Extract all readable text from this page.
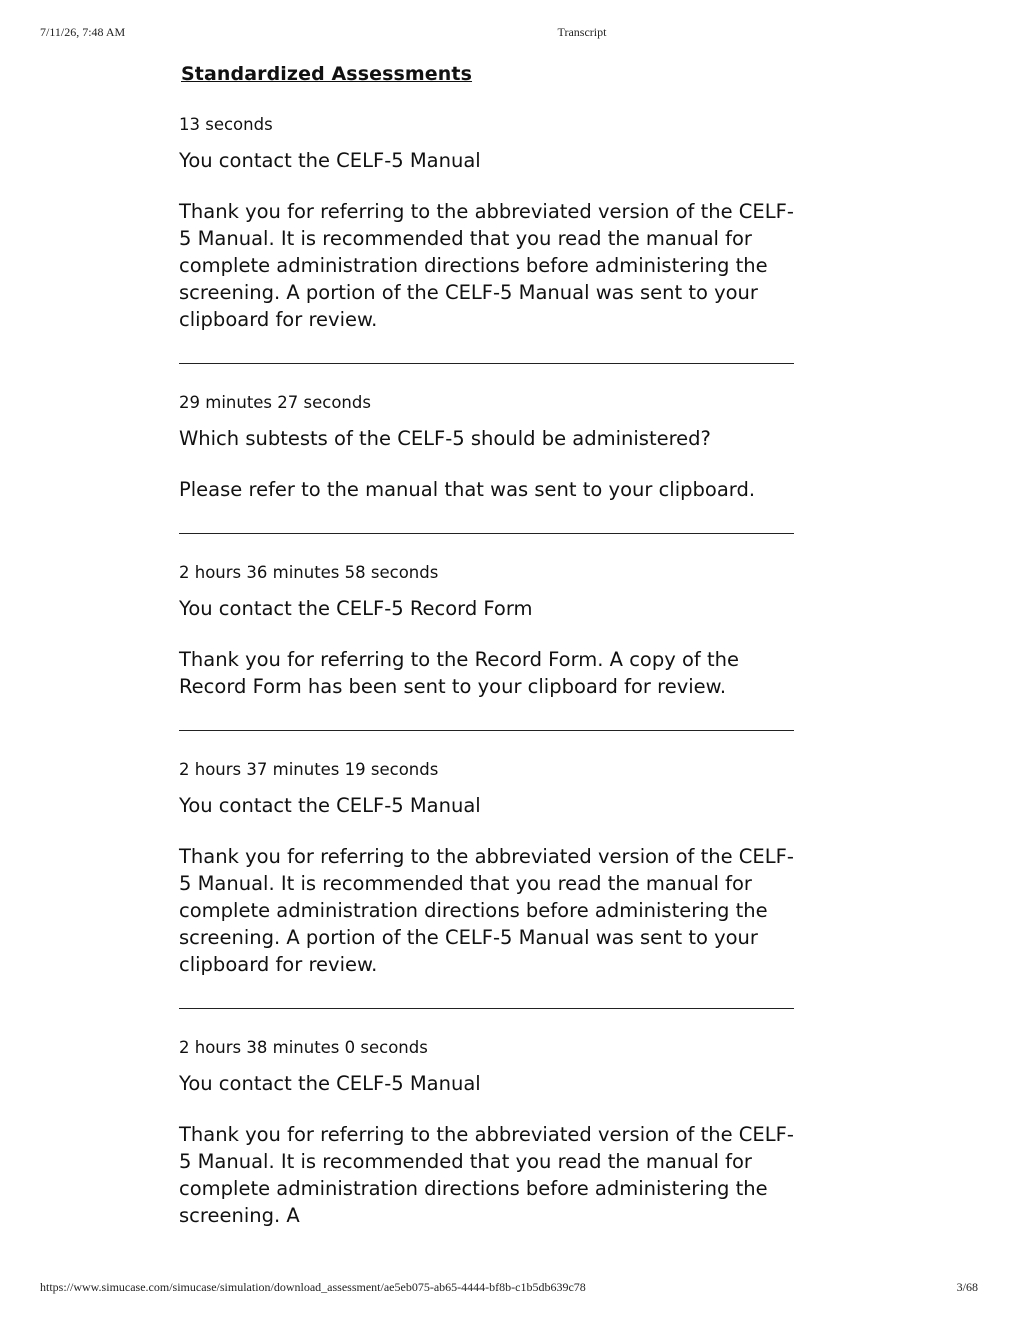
7/11/26, 7:48 AM	Transcript
Standardized Assessments

13 seconds

You contact the CELF-5 Manual

Thank you for referring to the abbreviated version of the CELF-5 Manual. It is recommended that you read the manual for complete administration directions before administering the screening. A portion of the CELF-5 Manual was sent to your clipboard for review.

29 minutes 27 seconds

Which subtests of the CELF-5 should be administered?

Please refer to the manual that was sent to your clipboard.

2 hours 36 minutes 58 seconds

You contact the CELF-5 Record Form

Thank you for referring to the Record Form. A copy of the Record Form has been sent to your clipboard for review.

2 hours 37 minutes 19 seconds

You contact the CELF-5 Manual

Thank you for referring to the abbreviated version of the CELF-5 Manual. It is recommended that you read the manual for complete administration directions before administering the screening. A portion of the CELF-5 Manual was sent to your clipboard for review.

2 hours 38 minutes 0 seconds

You contact the CELF-5 Manual

Thank you for referring to the abbreviated version of the CELF-5 Manual. It is recommended that you read the manual for complete administration directions before administering the screening. A

https://www.simucase.com/simucase/simulation/download_assessment/ae5eb075-ab65-4444-bf8b-c1b5db639c78	3/68
